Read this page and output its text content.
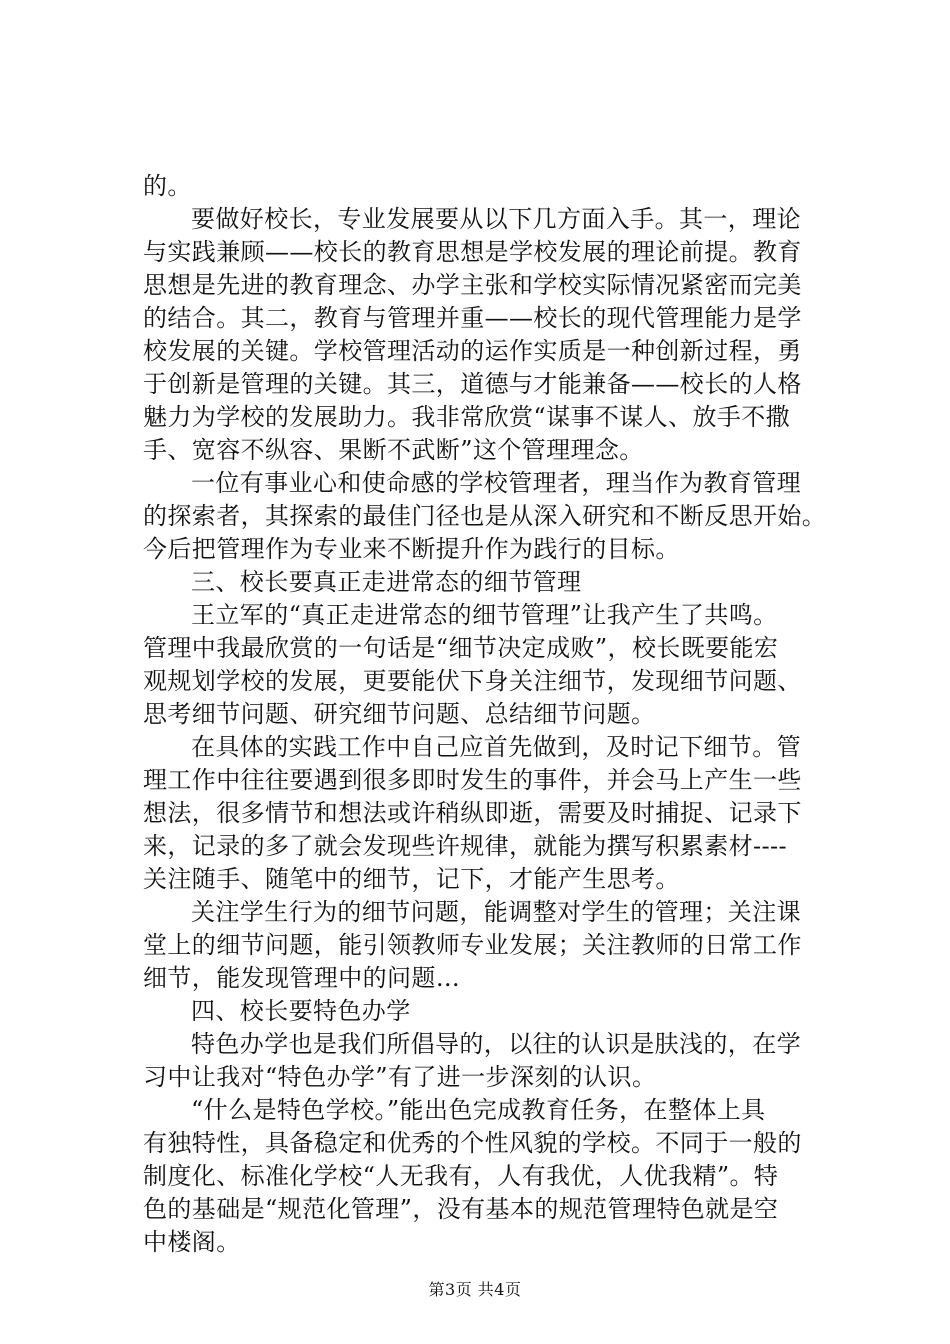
的。

要做好校长，专业发展要从以下几方面入手。其一，理论

与实践兼顾——校长的教育思想是学校发展的理论前提。教育

思想是先进的教育理念、办学主张和学校实际情况紧密而完美

的结合。其二，教育与管理并重——校长的现代管理能力是学

校发展的关键。学校管理活动的运作实质是一种创新过程，勇

于创新是管理的关键。其三，道德与才能兼备——校长的人格

魅力为学校的发展助力。我非常欣赏“谋事不谋人、放手不撒

手、宽容不纵容、果断不武断”这个管理理念。

一位有事业心和使命感的学校管理者，理当作为教育管理

的探索者，其探索的最佳门径也是从深入研究和不断反思开始。

今后把管理作为专业来不断提升作为践行的目标。

三、校长要真正走进常态的细节管理

王立军的“真正走进常态的细节管理”让我产生了共鸣。

管理中我最欣赏的一句话是“细节决定成败”，校长既要能宏

观规划学校的发展，更要能伏下身关注细节，发现细节问题、

思考细节问题、研究细节问题、总结细节问题。

在具体的实践工作中自己应首先做到，及时记下细节。管

理工作中往往要遇到很多即时发生的事件，并会马上产生一些

想法，很多情节和想法或许稍纵即逝，需要及时捕捉、记录下

来，记录的多了就会发现些许规律，就能为撰写积累素材----

关注随手、随笔中的细节，记下，才能产生思考。

关注学生行为的细节问题，能调整对学生的管理；关注课

堂上的细节问题，能引领教师专业发展；关注教师的日常工作

细节，能发现管理中的问题…

四、校长要特色办学

特色办学也是我们所倡导的，以往的认识是肤浅的，在学

习中让我对“特色办学”有了进一步深刻的认识。

“什么是特色学校。”能出色完成教育任务，在整体上具

有独特性，具备稳定和优秀的个性风貌的学校。不同于一般的

制度化、标准化学校“人无我有，人有我优，人优我精”。特

色的基础是“规范化管理”，没有基本的规范管理特色就是空

中楼阁。

第3页 共4页
